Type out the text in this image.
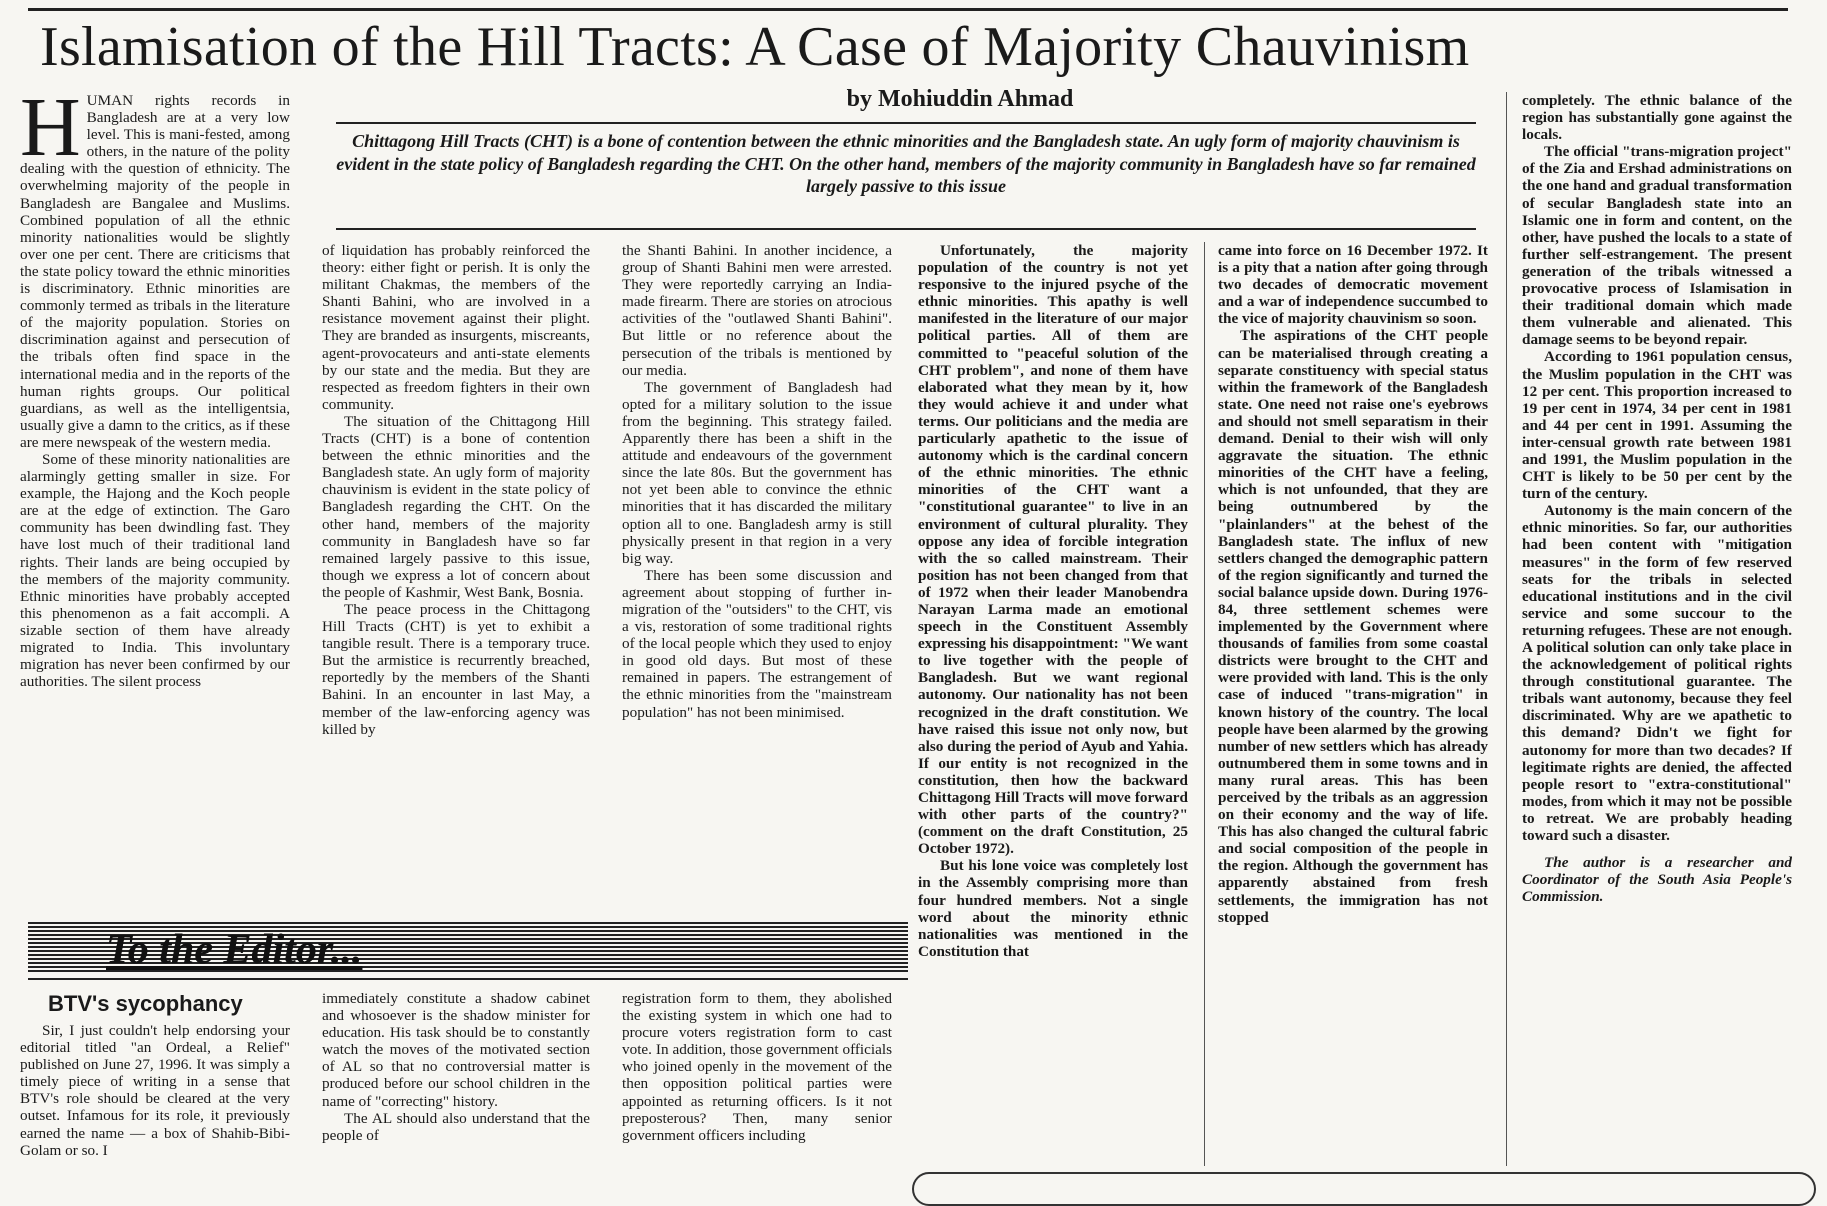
Islamisation of the Hill Tracts: A Case of Majority Chauvinism
by Mohiuddin Ahmad
Chittagong Hill Tracts (CHT) is a bone of contention between the ethnic minorities and the Bangladesh state. An ugly form of majority chauvinism is evident in the state policy of Bangladesh regarding the CHT. On the other hand, members of the majority community in Bangladesh have so far remained largely passive to this issue
H UMAN rights records in Bangladesh are at a very low level. This is mani-fested, among others, in the nature of the polity dealing with the question of ethnicity. The overwhelming majority of the people in Bangladesh are Bangalee and Muslims. Combined population of all the ethnic minority nationalities would be slightly over one per cent. There are criticisms that the state policy toward the ethnic minorities is discriminatory. Ethnic minorities are commonly termed as tribals in the literature of the majority population. Stories on discrimination against and persecution of the tribals often find space in the international media and in the reports of the human rights groups. Our political guardians, as well as the intelligentsia, usually give a damn to the critics, as if these are mere newspeak of the western media.

Some of these minority nationalities are alarmingly getting smaller in size. For example, the Hajong and the Koch people are at the edge of extinction. The Garo community has been dwindling fast. They have lost much of their traditional land rights. Their lands are being occupied by the members of the majority community. Ethnic minorities have probably accepted this phenomenon as a fait accompli. A sizable section of them have already migrated to India. This involuntary migration has never been confirmed by our authorities. The silent process

of liquidation has probably reinforced the theory: either fight or perish. It is only the militant Chakmas, the members of the Shanti Bahini, who are involved in a resistance movement against their plight. They are branded as insurgents, miscreants, agent-provocateurs and anti-state elements by our state and the media. But they are respected as freedom fighters in their own community.

The situation of the Chittagong Hill Tracts (CHT) is a bone of contention between the ethnic minorities and the Bangladesh state. An ugly form of majority chauvinism is evident in the state policy of Bangladesh regarding the CHT. On the other hand, members of the majority community in Bangladesh have so far remained largely passive to this issue, though we express a lot of concern about the people of Kashmir, West Bank, Bosnia.

The peace process in the Chittagong Hill Tracts (CHT) is yet to exhibit a tangible result. There is a temporary truce. But the armistice is recurrently breached, reportedly by the members of the Shanti Bahini. In an encounter in last May, a member of the law-enforcing agency was killed by

the Shanti Bahini. In another incidence, a group of Shanti Bahini men were arrested. They were reportedly carrying an India-made firearm. There are stories on atrocious activities of the "outlawed Shanti Bahini". But little or no reference about the persecution of the tribals is mentioned by our media.

The government of Bangladesh had opted for a military solution to the issue from the beginning. This strategy failed. Apparently there has been a shift in the attitude and endeavours of the government since the late 80s. But the government has not yet been able to convince the ethnic minorities that it has discarded the military option all to one. Bangladesh army is still physically present in that region in a very big way.

There has been some discussion and agreement about stopping of further in-migration of the "outsiders" to the CHT, vis a vis, restoration of some traditional rights of the local people which they used to enjoy in good old days. But most of these remained in papers. The estrangement of the ethnic minorities from the "mainstream population" has not been minimised.

Unfortunately, the majority population of the country is not yet responsive to the injured psyche of the ethnic minorities. This apathy is well manifested in the literature of our major political parties. All of them are committed to "peaceful solution of the CHT problem", and none of them have elaborated what they mean by it, how they would achieve it and under what terms. Our politicians and the media are particularly apathetic to the issue of autonomy which is the cardinal concern of the ethnic minorities. The ethnic minorities of the CHT want a "constitutional guarantee" to live in an environment of cultural plurality. They oppose any idea of forcible integration with the so called mainstream. Their position has not been changed from that of 1972 when their leader Manobendra Narayan Larma made an emotional speech in the Constituent Assembly expressing his disappointment: "We want to live together with the people of Bangladesh. But we want regional autonomy. Our nationality has not been recognized in the draft constitution. We have raised this issue not only now, but also during the period of Ayub and Yahia. If our entity is not recognized in the constitution, then how the backward Chittagong Hill Tracts will move forward with other parts of the country?" (comment on the draft Constitution, 25 October 1972).

But his lone voice was completely lost in the Assembly comprising more than four hundred members. Not a single word about the minority ethnic nationalities was mentioned in the Constitution that

came into force on 16 December 1972. It is a pity that a nation after going through two decades of democratic movement and a war of independence succumbed to the vice of majority chauvinism so soon.

The aspirations of the CHT people can be materialised through creating a separate constituency with special status within the framework of the Bangladesh state. One need not raise one's eyebrows and should not smell separatism in their demand. Denial to their wish will only aggravate the situation. The ethnic minorities of the CHT have a feeling, which is not unfounded, that they are being outnumbered by the "plainlanders" at the behest of the Bangladesh state. The influx of new settlers changed the demographic pattern of the region significantly and turned the social balance upside down. During 1976-84, three settlement schemes were implemented by the Government where thousands of families from some coastal districts were brought to the CHT and were provided with land. This is the only case of induced "trans-migration" in known history of the country. The local people have been alarmed by the growing number of new settlers which has already outnumbered them in some towns and in many rural areas. This has been perceived by the tribals as an aggression on their economy and the way of life. This has also changed the cultural fabric and social composition of the people in the region. Although the government has apparently abstained from fresh settlements, the immigration has not stopped

completely. The ethnic balance of the region has substantially gone against the locals.

The official "trans-migration project" of the Zia and Ershad administrations on the one hand and gradual transformation of secular Bangladesh state into an Islamic one in form and content, on the other, have pushed the locals to a state of further self-estrangement. The present generation of the tribals witnessed a provocative process of Islamisation in their traditional domain which made them vulnerable and alienated. This damage seems to be beyond repair.

According to 1961 population census, the Muslim population in the CHT was 12 per cent. This proportion increased to 19 per cent in 1974, 34 per cent in 1981 and 44 per cent in 1991. Assuming the inter-censual growth rate between 1981 and 1991, the Muslim population in the CHT is likely to be 50 per cent by the turn of the century.

Autonomy is the main concern of the ethnic minorities. So far, our authorities had been content with "mitigation measures" in the form of few reserved seats for the tribals in selected educational institutions and in the civil service and some succour to the returning refugees. These are not enough. A political solution can only take place in the acknowledgement of political rights through constitutional guarantee. The tribals want autonomy, because they feel discriminated. Why are we apathetic to this demand? Didn't we fight for autonomy for more than two decades? If legitimate rights are denied, the affected people resort to "extra-constitutional" modes, from which it may not be possible to retreat. We are probably heading toward such a disaster.

The author is a researcher and Coordinator of the South Asia People's Commission.

To the Editor...
BTV's sycophancy

Sir, I just couldn't help endorsing your editorial titled "an Ordeal, a Relief" published on June 27, 1996. It was simply a timely piece of writing in a sense that BTV's role should be cleared at the very outset. Infamous for its role, it previously earned the name — a box of Shahib-Bibi-Golam or so. I

immediately constitute a shadow cabinet and whosoever is the shadow minister for education. His task should be to constantly watch the moves of the motivated section of AL so that no controversial matter is produced before our school children in the name of "correcting" history.

The AL should also understand that the people of

registration form to them, they abolished the existing system in which one had to procure voters registration form to cast vote. In addition, those government officials who joined openly in the movement of the then opposition political parties were appointed as returning officers. Is it not preposterous? Then, many senior government officers including
